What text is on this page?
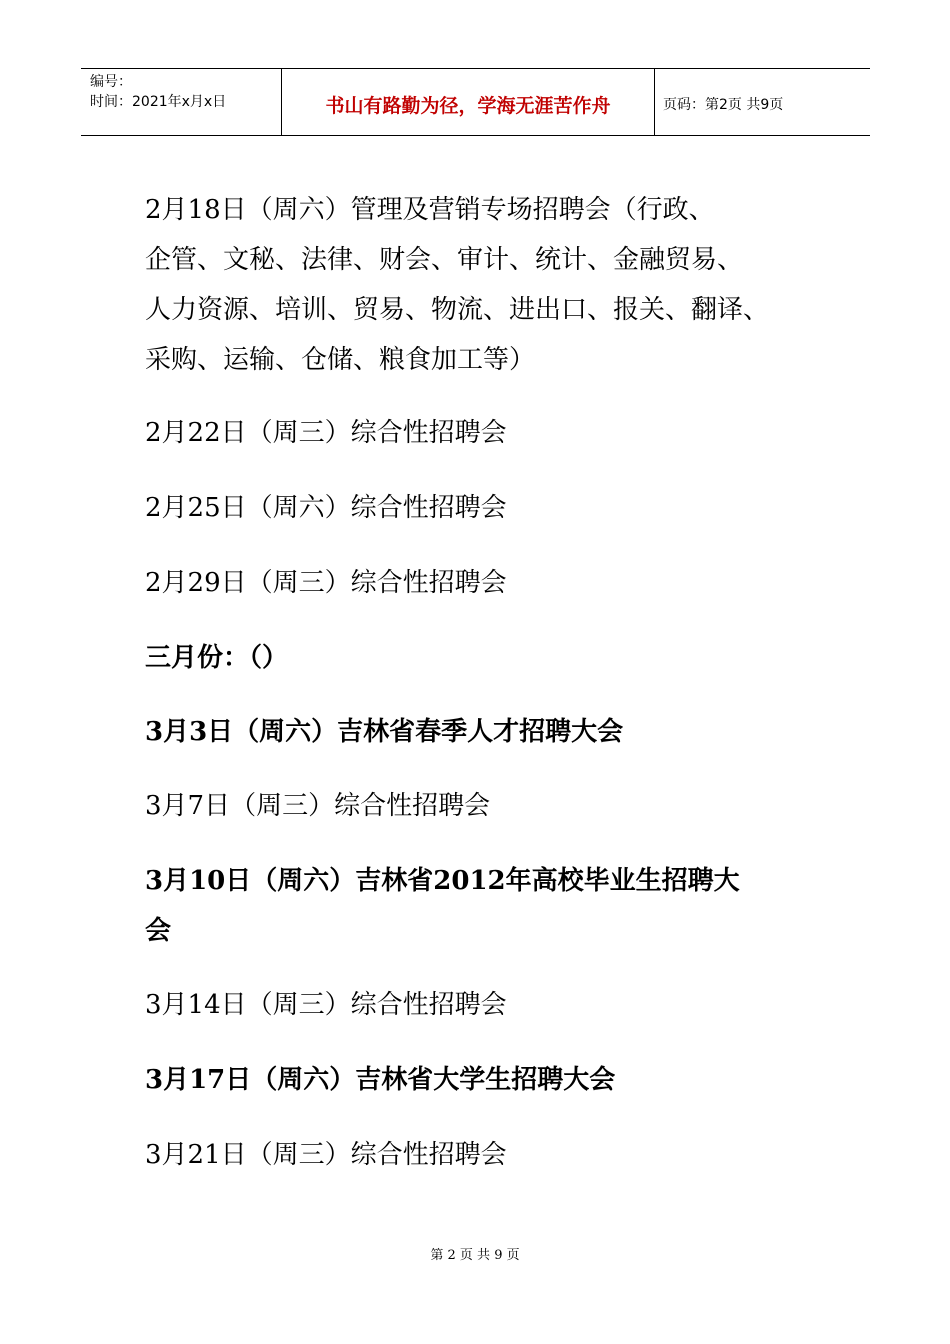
编号：
时间：2021年x月x日	书山有路勤为径，学海无涯苦作舟	页码：第2页 共9页
2月18日（周六）管理及营销专场招聘会（行政、
企管、文秘、法律、财会、审计、统计、金融贸易、
人力资源、培训、贸易、物流、进出口、报关、翻译、
采购、运输、仓储、粮食加工等）
2月22日（周三）综合性招聘会
2月25日（周六）综合性招聘会
2月29日（周三）综合性招聘会
三月份：（）
3月3日（周六）吉林省春季人才招聘大会
3月7日（周三）综合性招聘会
3月10日（周六）吉林省2012年高校毕业生招聘大
会
3月14日（周三）综合性招聘会
3月17日（周六）吉林省大学生招聘大会
3月21日（周三）综合性招聘会
第 2 页 共 9 页
